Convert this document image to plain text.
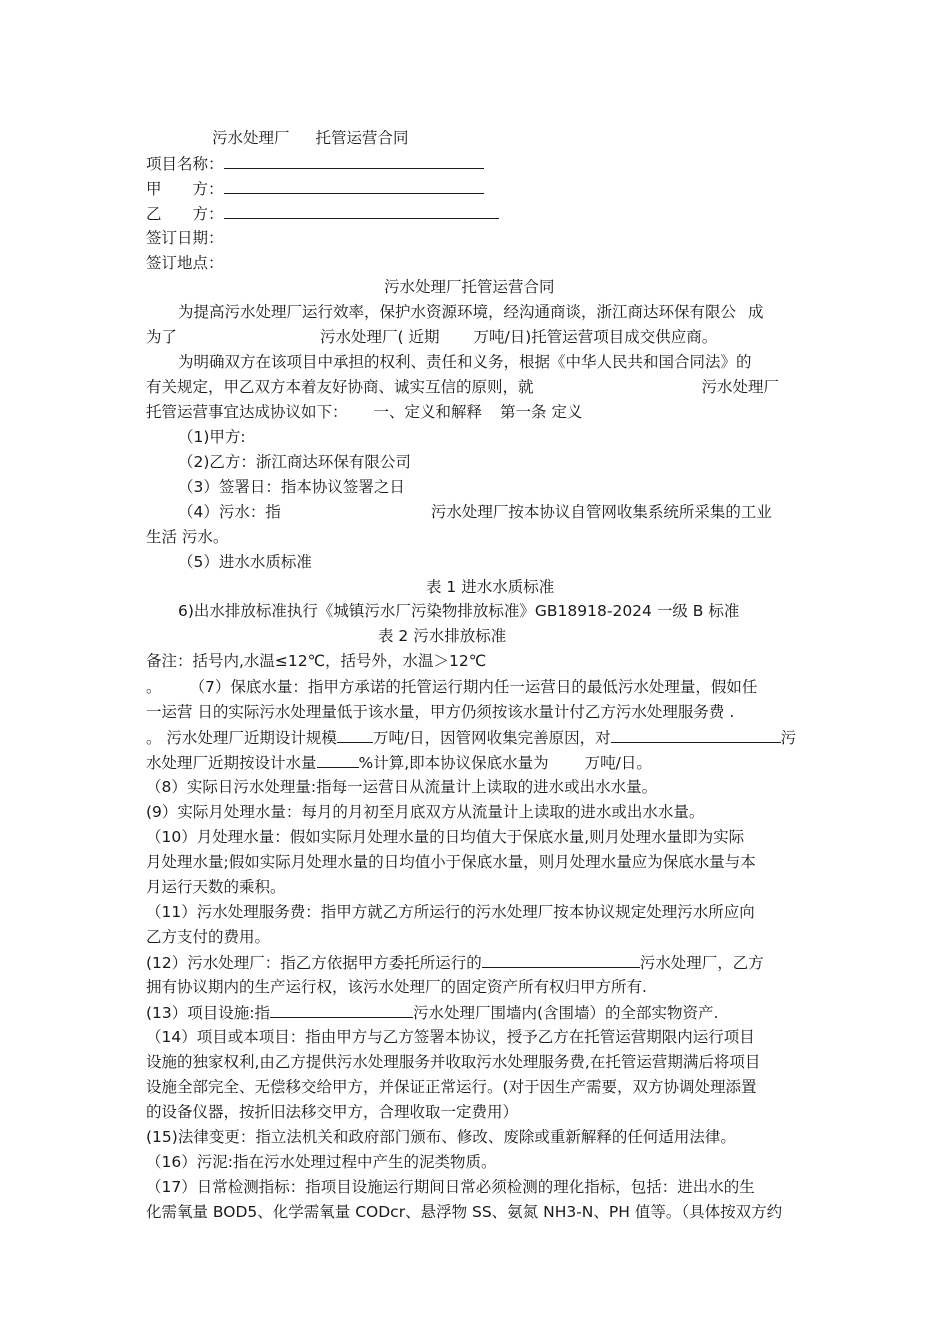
污水处理厂 托管运营合同
项目名称：
甲　　方：
乙　　方：
签订日期：
签订地点：
污水处理厂托管运营合同
为提高污水处理厂运行效率，保护水资源环境，经沟通商谈，浙江商达环保有限公 成
为了	污水处理厂( 近期 万吨/日)托管运营项目成交供应商。
为明确双方在该项目中承担的权利、责任和义务，根据《中华人民共和国合同法》的
有关规定，甲乙双方本着友好协商、诚实互信的原则，就	污水处理厂
托管运营事宜达成协议如下： 一、定义和解释 第一条 定义
（1)甲方:
（2)乙方：浙江商达环保有限公司
（3）签署日：指本协议签署之日
（4）污水：指	污水处理厂按本协议自管网收集系统所采集的工业
生活 污水。
（5）进水水质标准
表 1 进水水质标准
6)出水排放标准执行《城镇污水厂污染物排放标准》GB18918-2024 一级 B 标准
表 2 污水排放标准
备注：括号内,水温≤12℃，括号外，水温＞12℃
。 （7）保底水量：指甲方承诺的托管运行期内任一运营日的最低污水处理量，假如任
一运营 日的实际污水处理量低于该水量，甲方仍须按该水量计付乙方污水处理服务费 .
。 污水处理厂近期设计规模 万吨/日，因管网收集完善原因，对	污
水处理厂近期按设计水量	%计算,即本协议保底水量为 万吨/日。
（8）实际日污水处理量:指每一运营日从流量计上读取的进水或出水水量。
(9）实际月处理水量：每月的月初至月底双方从流量计上读取的进水或出水水量。
（10）月处理水量：假如实际月处理水量的日均值大于保底水量,则月处理水量即为实际
月处理水量;假如实际月处理水量的日均值小于保底水量，则月处理水量应为保底水量与本
月运行天数的乘积。
（11）污水处理服务费：指甲方就乙方所运行的污水处理厂按本协议规定处理污水所应向
乙方支付的费用。
(12）污水处理厂：指乙方依据甲方委托所运行的	污水处理厂，乙方
拥有协议期内的生产运行权，该污水处理厂的固定资产所有权归甲方所有.
(13）项目设施:指	污水处理厂围墙内(含围墙）的全部实物资产.
（14）项目或本项目：指由甲方与乙方签署本协议，授予乙方在托管运营期限内运行项目
设施的独家权利,由乙方提供污水处理服务并收取污水处理服务费,在托管运营期满后将项目
设施全部完全、无偿移交给甲方，并保证正常运行。(对于因生产需要，双方协调处理添置
的设备仪器，按折旧法移交甲方，合理收取一定费用）
(15)法律变更：指立法机关和政府部门颁布、修改、废除或重新解释的任何适用法律。
（16）污泥:指在污水处理过程中产生的泥类物质。
（17）日常检测指标：指项目设施运行期间日常必须检测的理化指标，包括：进出水的生
化需氧量 BOD5、化学需氧量 CODcr、悬浮物 SS、氨氮 NH3-N、PH 值等。（具体按双方约
